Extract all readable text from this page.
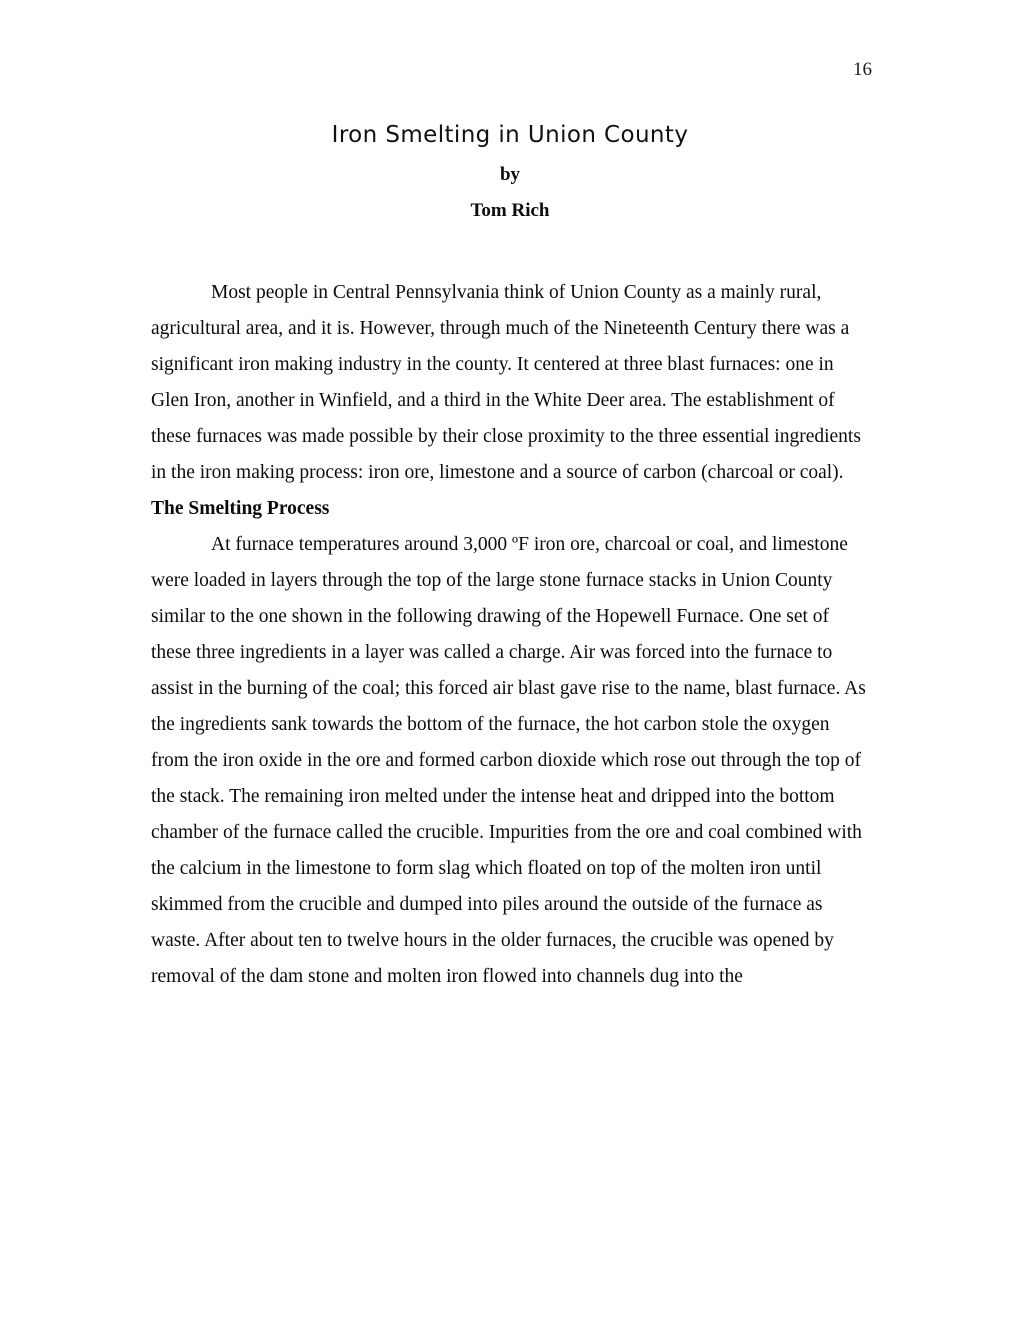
16
Iron Smelting in Union County
by
Tom Rich

Most people in Central Pennsylvania think of Union County as a mainly rural, agricultural area, and it is. However, through much of the Nineteenth Century there was a significant iron making industry in the county. It centered at three blast furnaces: one in Glen Iron, another in Winfield, and a third in the White Deer area. The establishment of these furnaces was made possible by their close proximity to the three essential ingredients in the iron making process: iron ore, limestone and a source of carbon (charcoal or coal).

The Smelting Process

At furnace temperatures around 3,000 ºF iron ore, charcoal or coal, and limestone were loaded in layers through the top of the large stone furnace stacks in Union County similar to the one shown in the following drawing of the Hopewell Furnace. One set of these three ingredients in a layer was called a charge. Air was forced into the furnace to assist in the burning of the coal; this forced air blast gave rise to the name, blast furnace. As the ingredients sank towards the bottom of the furnace, the hot carbon stole the oxygen from the iron oxide in the ore and formed carbon dioxide which rose out through the top of the stack. The remaining iron melted under the intense heat and dripped into the bottom chamber of the furnace called the crucible. Impurities from the ore and coal combined with the calcium in the limestone to form slag which floated on top of the molten iron until skimmed from the crucible and dumped into piles around the outside of the furnace as waste. After about ten to twelve hours in the older furnaces, the crucible was opened by removal of the dam stone and molten iron flowed into channels dug into the
